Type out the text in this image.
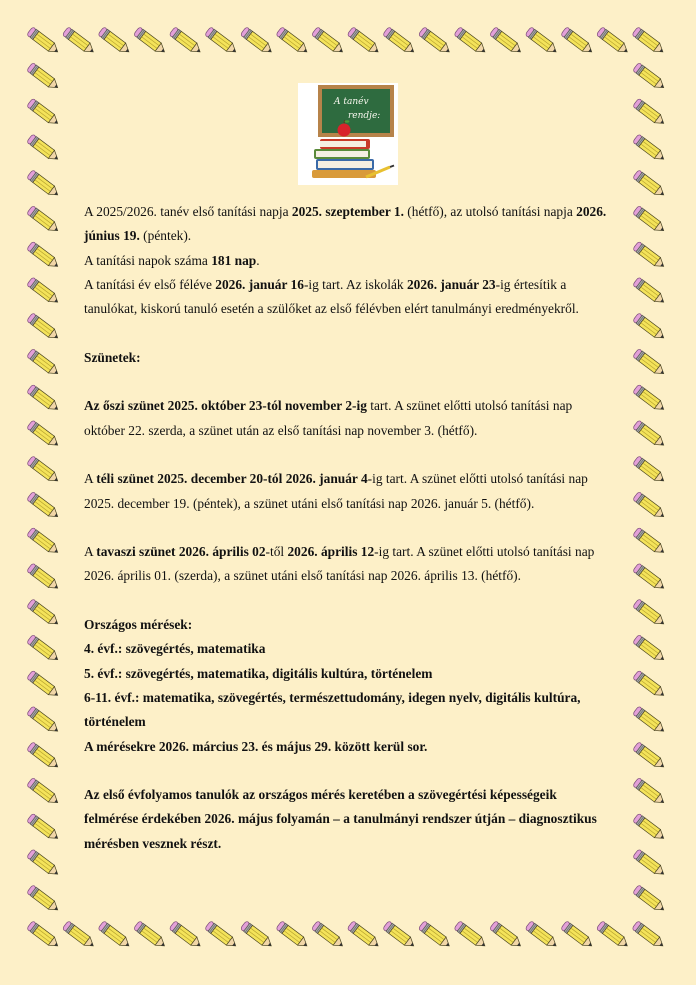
A tanév
rendje:

A 2025/2026. tanév első tanítási napja 2025. szeptember 1. (hétfő), az utolsó tanítási napja 2026. június 19. (péntek).

A tanítási napok száma 181 nap.

A tanítási év első féléve 2026. január 16-ig tart. Az iskolák 2026. január 23-ig értesítik a tanulókat, kiskorú tanuló esetén a szülőket az első félévben elért tanulmányi eredményekről.

Szünetek:

Az őszi szünet 2025. október 23-tól november 2-ig tart. A szünet előtti utolsó tanítási nap október 22. szerda, a szünet után az első tanítási nap november 3. (hétfő).

A téli szünet 2025. december 20-tól 2026. január 4-ig tart. A szünet előtti utolsó tanítási nap 2025. december 19. (péntek), a szünet utáni első tanítási nap 2026. január 5. (hétfő).

A tavaszi szünet 2026. április 02-től 2026. április 12-ig tart. A szünet előtti utolsó tanítási nap 2026. április 01. (szerda), a szünet utáni első tanítási nap 2026. április 13. (hétfő).

Országos mérések:

4. évf.: szövegértés, matematika

5. évf.: szövegértés, matematika, digitális kultúra, történelem

6-11. évf.: matematika, szövegértés, természettudomány, idegen nyelv, digitális kultúra, történelem

A mérésekre 2026. március 23. és május 29. között kerül sor.

Az első évfolyamos tanulók az országos mérés keretében a szövegértési képességeik felmérése érdekében 2026. május folyamán – a tanulmányi rendszer útján – diagnosztikus mérésben vesznek részt.
